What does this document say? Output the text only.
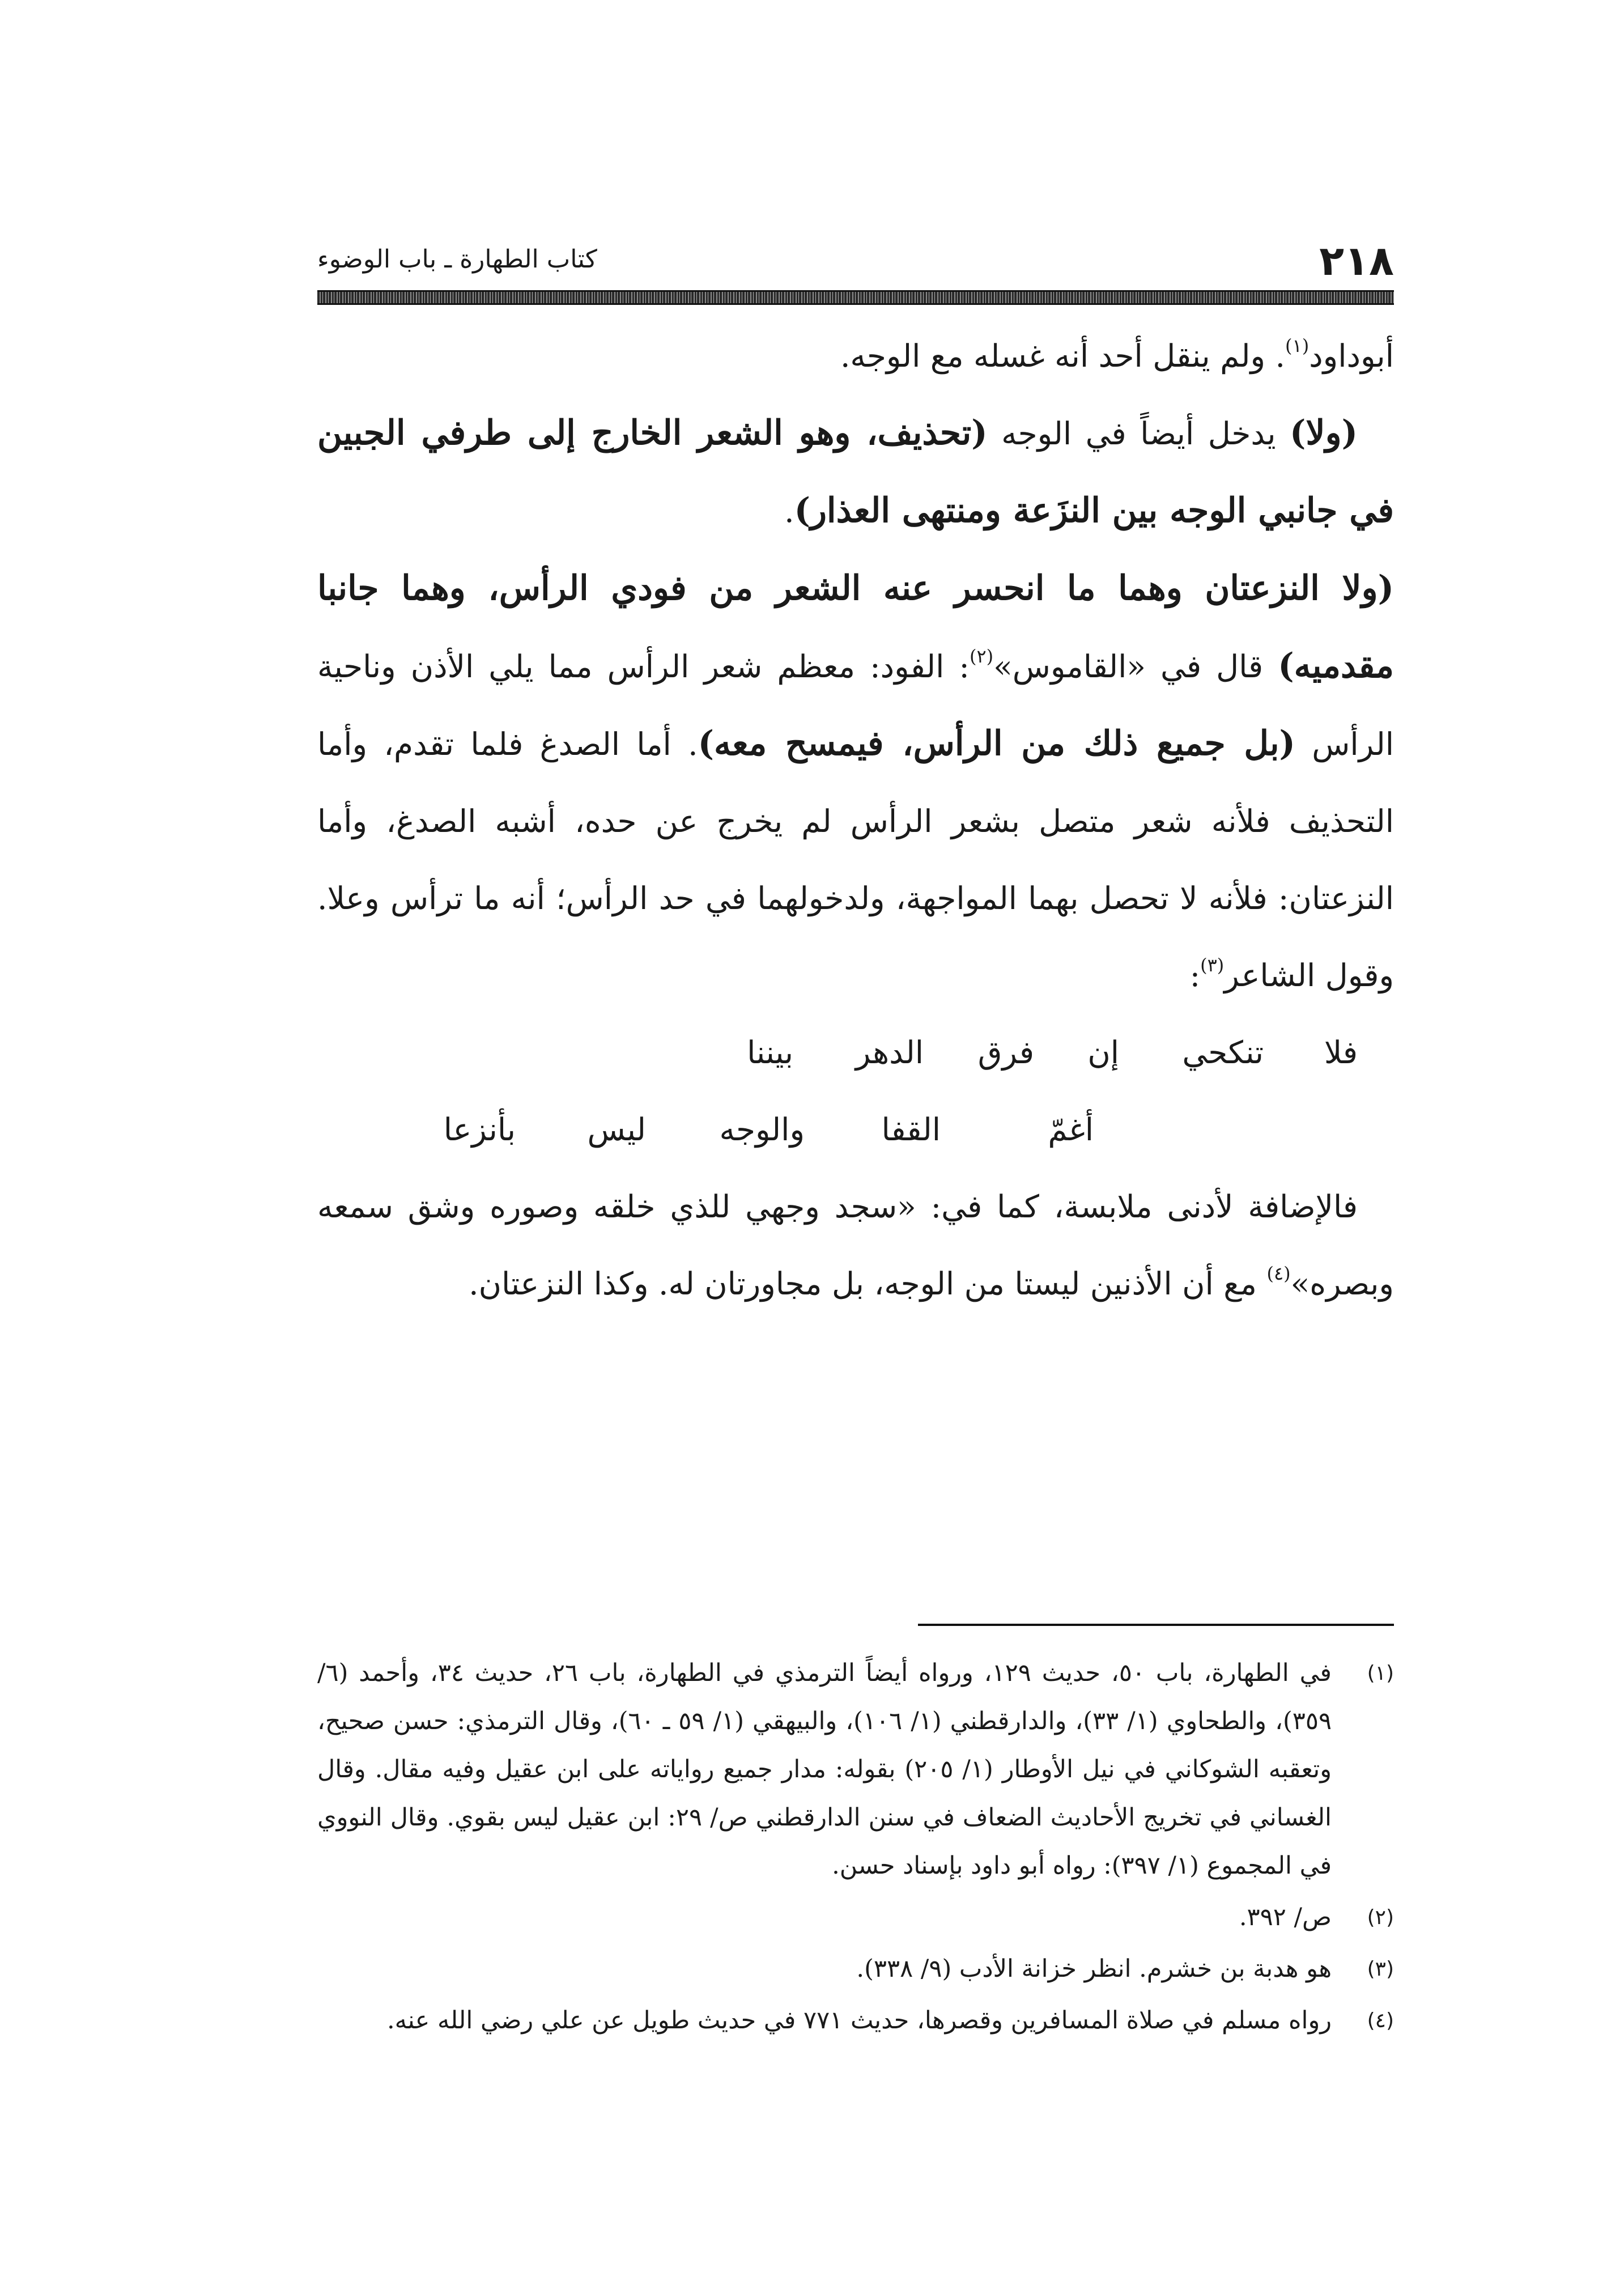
٢١٨
كتاب الطهارة ـ باب الوضوء

أبوداود$^{(١)}$. ولم ينقل أحد أنه غسله مع الوجه.

(ولا) يدخل أيضاً في الوجه (تحذيف، وهو الشعر الخارج إلى طرفي الجبين في جانبي الوجه بين النزَعة ومنتهى العذار).

(ولا النزعتان وهما ما انحسر عنه الشعر من فودي الرأس، وهما جانبا مقدميه) قال في «القاموس»$^{(٢)}$: الفود: معظم شعر الرأس مما يلي الأذن وناحية الرأس (بل جميع ذلك من الرأس، فيمسح معه). أما الصدغ فلما تقدم، وأما التحذيف فلأنه شعر متصل بشعر الرأس لم يخرج عن حده، أشبه الصدغ، وأما النزعتان: فلأنه لا تحصل بهما المواجهة، ولدخولهما في حد الرأس؛ أنه ما ترأس وعلا. وقول الشاعر$^{(٣)}$:

فلا
تنكحي
إن
فرق
الدهر
بيننا
أغمّ
القفا
والوجه
ليس
بأنزعا

فالإضافة لأدنى ملابسة، كما في: «سجد وجهي للذي خلقه وصوره وشق سمعه وبصره»$^{(٤)}$ مع أن الأذنين ليستا من الوجه، بل مجاورتان له. وكذا النزعتان.

(١)
في الطهارة، باب ٥٠، حديث ١٢٩، ورواه أيضاً الترمذي في الطهارة، باب ٢٦، حديث ٣٤، وأحمد (٦/ ٣٥٩)، والطحاوي (١/ ٣٣)، والدارقطني (١/ ١٠٦)، والبيهقي (١/ ٥٩ ـ ٦٠)، وقال الترمذي: حسن صحيح، وتعقبه الشوكاني في نيل الأوطار (١/ ٢٠٥) بقوله: مدار جميع رواياته على ابن عقيل وفيه مقال. وقال الغساني في تخريج الأحاديث الضعاف في سنن الدارقطني ص/ ٢٩: ابن عقيل ليس بقوي. وقال النووي في المجموع (١/ ٣٩٧): رواه أبو داود بإسناد حسن.
(٢)
ص/ ٣٩٢.
(٣)
هو هدبة بن خشرم. انظر خزانة الأدب (٩/ ٣٣٨).
(٤)
رواه مسلم في صلاة المسافرين وقصرها، حديث ٧٧١ في حديث طويل عن علي رضي الله عنه.
